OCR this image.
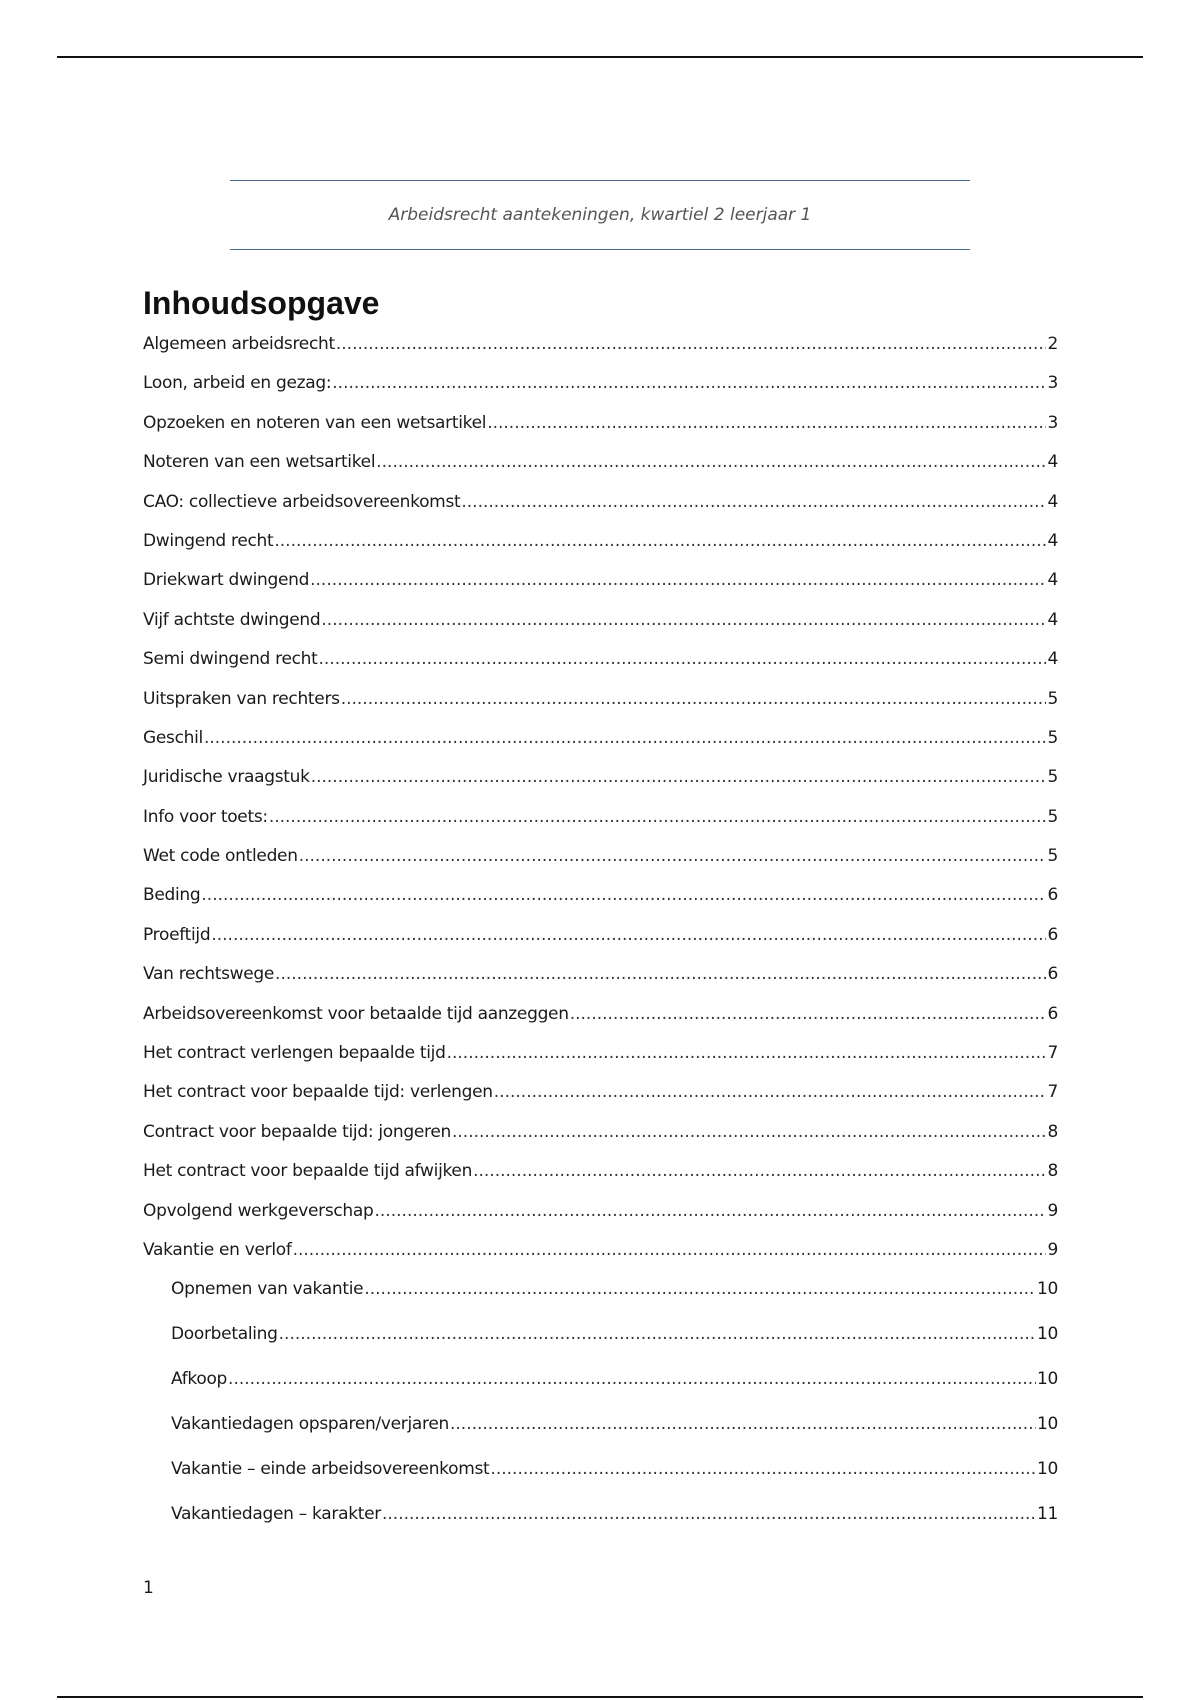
Arbeidsrecht aantekeningen, kwartiel 2 leerjaar 1
Inhoudsopgave
Algemeen arbeidsrecht .....	2
Loon, arbeid en gezag: .....	3
Opzoeken en noteren van een wetsartikel .....	3
Noteren van een wetsartikel .....	4
CAO: collectieve arbeidsovereenkomst .....	4
Dwingend recht .....	4
Driekwart dwingend .....	4
Vijf achtste dwingend .....	4
Semi dwingend recht .....	4
Uitspraken van rechters .....	5
Geschil .....	5
Juridische vraagstuk .....	5
Info voor toets: .....	5
Wet code ontleden .....	5
Beding .....	6
Proeftijd .....	6
Van rechtswege .....	6
Arbeidsovereenkomst voor betaalde tijd aanzeggen .....	6
Het contract verlengen bepaalde tijd .....	7
Het contract voor bepaalde tijd: verlengen .....	7
Contract voor bepaalde tijd: jongeren .....	8
Het contract voor bepaalde tijd afwijken .....	8
Opvolgend werkgeverschap .....	9
Vakantie en verlof .....	9
Opnemen van vakantie .....	10
Doorbetaling .....	10
Afkoop .....	10
Vakantiedagen opsparen/verjaren .....	10
Vakantie – einde arbeidsovereenkomst .....	10
Vakantiedagen – karakter .....	11
1
